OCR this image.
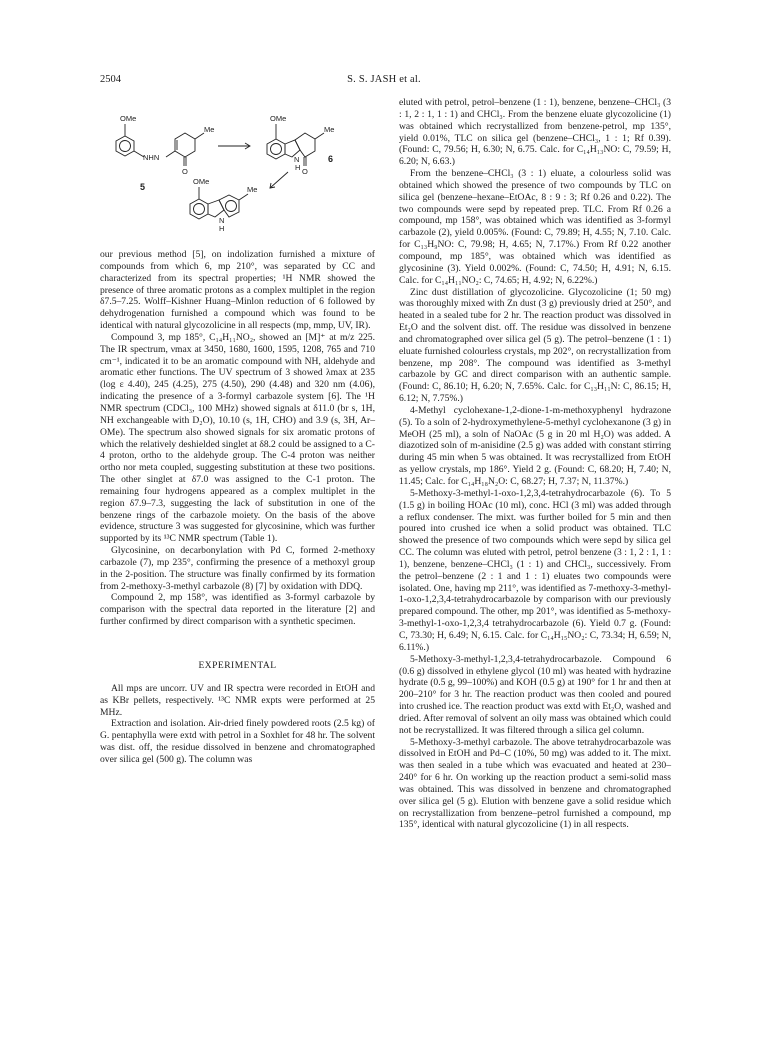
2504	S. S. JASH et al.
OMe
NHN
Me
O
5
OMe
Me
N
H O
6
OMe
Me
N
H

our previous method [5], on indolization furnished a mixture of compounds from which 6, mp 210°, was separated by CC and characterized from its spectral properties; ¹H NMR showed the presence of three aromatic protons as a complex multiplet in the region δ7.5–7.25. Wolff–Kishner Huang–Minlon reduction of 6 followed by dehydrogenation furnished a compound which was found to be identical with natural glycozolicine in all respects (mp, mmp, UV, IR).

Compound 3, mp 185°, C₁₄H₁₁NO₂, showed an [M]⁺ at m/z 225. The IR spectrum, νmax at 3450, 1680, 1600, 1595, 1208, 765 and 710 cm⁻¹, indicated it to be an aromatic compound with NH, aldehyde and aromatic ether functions. The UV spectrum of 3 showed λmax at 235 (log ε 4.40), 245 (4.25), 275 (4.50), 290 (4.48) and 320 nm (4.06), indicating the presence of a 3-formyl carbazole system [6]. The ¹H NMR spectrum (CDCl₃, 100 MHz) showed signals at δ11.0 (br s, 1H, NH exchangeable with D₂O), 10.10 (s, 1H, CHO) and 3.9 (s, 3H, Ar–OMe). The spectrum also showed signals for six aromatic protons of which the relatively deshielded singlet at δ8.2 could be assigned to a C-4 proton, ortho to the aldehyde group. The C-4 proton was neither ortho nor meta coupled, suggesting substitution at these two positions. The other singlet at δ7.0 was assigned to the C-1 proton. The remaining four hydrogens appeared as a complex multiplet in the region δ7.9–7.3, suggesting the lack of substitution in one of the benzene rings of the carbazole moiety. On the basis of the above evidence, structure 3 was suggested for glycosinine, which was further supported by its ¹³C NMR spectrum (Table 1).

Glycosinine, on decarbonylation with Pd C, formed 2-methoxy carbazole (7), mp 235°, confirming the presence of a methoxyl group in the 2-position. The structure was finally confirmed by its formation from 2-methoxy-3-methyl carbazole (8) [7] by oxidation with DDQ.

Compound 2, mp 158°, was identified as 3-formyl carbazole by comparison with the spectral data reported in the literature [2] and further confirmed by direct comparison with a synthetic specimen.

EXPERIMENTAL

All mps are uncorr. UV and IR spectra were recorded in EtOH and as KBr pellets, respectively. ¹³C NMR expts were performed at 25 MHz.

Extraction and isolation. Air-dried finely powdered roots (2.5 kg) of G. pentaphylla were extd with petrol in a Soxhlet for 48 hr. The solvent was dist. off, the residue dissolved in benzene and chromatographed over silica gel (500 g). The column was

eluted with petrol, petrol–benzene (1 : 1), benzene, benzene–CHCl₃ (3 : 1, 2 : 1, 1 : 1) and CHCl₃. From the benzene eluate glycozolicine (1) was obtained which recrystallized from benzene-petrol, mp 135°, yield 0.01%, TLC on silica gel (benzene–CHCl₃, 1 : 1; Rf 0.39). (Found: C, 79.56; H, 6.30; N, 6.75. Calc. for C₁₄H₁₃NO: C, 79.59; H, 6.20; N, 6.63.)

From the benzene–CHCl₃ (3 : 1) eluate, a colourless solid was obtained which showed the presence of two compounds by TLC on silica gel (benzene–hexane–EtOAc, 8 : 9 : 3; Rf 0.26 and 0.22). The two compounds were sepd by repeated prep. TLC. From Rf 0.26 a compound, mp 158°, was obtained which was identified as 3-formyl carbazole (2), yield 0.005%. (Found: C, 79.89; H, 4.55; N, 7.10. Calc. for C₁₃H₉NO: C, 79.98; H, 4.65; N, 7.17%.) From Rf 0.22 another compound, mp 185°, was obtained which was identified as glycosinine (3). Yield 0.002%. (Found: C, 74.50; H, 4.91; N, 6.15. Calc. for C₁₄H₁₁NO₂: C, 74.65; H, 4.92; N, 6.22%.)

Zinc dust distillation of glycozolicine. Glycozolicine (1; 50 mg) was thoroughly mixed with Zn dust (3 g) previously dried at 250°, and heated in a sealed tube for 2 hr. The reaction product was dissolved in Et₂O and the solvent dist. off. The residue was dissolved in benzene and chromatographed over silica gel (5 g). The petrol–benzene (1 : 1) eluate furnished colourless crystals, mp 202°, on recrystallization from benzene, mp 208°. The compound was identified as 3-methyl carbazole by GC and direct comparison with an authentic sample. (Found: C, 86.10; H, 6.20; N, 7.65%. Calc. for C₁₃H₁₁N: C, 86.15; H, 6.12; N, 7.75%.)

4-Methyl cyclohexane-1,2-dione-1-m-methoxyphenyl hydrazone (5). To a soln of 2-hydroxymethylene-5-methyl cyclohexanone (3 g) in MeOH (25 ml), a soln of NaOAc (5 g in 20 ml H₂O) was added. A diazotized soln of m-anisidine (2.5 g) was added with constant stirring during 45 min when 5 was obtained. It was recrystallized from EtOH as yellow crystals, mp 186°. Yield 2 g. (Found: C, 68.20; H, 7.40; N, 11.45; Calc. for C₁₄H₁₈N₂O: C, 68.27; H, 7.37; N, 11.37%.)

5-Methoxy-3-methyl-1-oxo-1,2,3,4-tetrahydrocarbazole (6). To 5 (1.5 g) in boiling HOAc (10 ml), conc. HCl (3 ml) was added through a reflux condenser. The mixt. was further boiled for 5 min and then poured into crushed ice when a solid product was obtained. TLC showed the presence of two compounds which were sepd by silica gel CC. The column was eluted with petrol, petrol benzene (3 : 1, 2 : 1, 1 : 1), benzene, benzene–CHCl₃ (1 : 1) and CHCl₃, successively. From the petrol–benzene (2 : 1 and 1 : 1) eluates two compounds were isolated. One, having mp 211°, was identified as 7-methoxy-3-methyl-1-oxo-1,2,3,4-tetrahydrocarbazole by comparison with our previously prepared compound. The other, mp 201°, was identified as 5-methoxy-3-methyl-1-oxo-1,2,3,4 tetrahydrocarbazole (6). Yield 0.7 g. (Found: C, 73.30; H, 6.49; N, 6.15. Calc. for C₁₄H₁₅NO₂: C, 73.34; H, 6.59; N, 6.11%.)

5-Methoxy-3-methyl-1,2,3,4-tetrahydrocarbazole. Compound 6 (0.6 g) dissolved in ethylene glycol (10 ml) was heated with hydrazine hydrate (0.5 g, 99–100%) and KOH (0.5 g) at 190° for 1 hr and then at 200–210° for 3 hr. The reaction product was then cooled and poured into crushed ice. The reaction product was extd with Et₂O, washed and dried. After removal of solvent an oily mass was obtained which could not be recrystallized. It was filtered through a silica gel column.

5-Methoxy-3-methyl carbazole. The above tetrahydrocarbazole was dissolved in EtOH and Pd–C (10%, 50 mg) was added to it. The mixt. was then sealed in a tube which was evacuated and heated at 230–240° for 6 hr. On working up the reaction product a semi-solid mass was obtained. This was dissolved in benzene and chromatographed over silica gel (5 g). Elution with benzene gave a solid residue which on recrystallization from benzene–petrol furnished a compound, mp 135°, identical with natural glycozolicine (1) in all respects.
